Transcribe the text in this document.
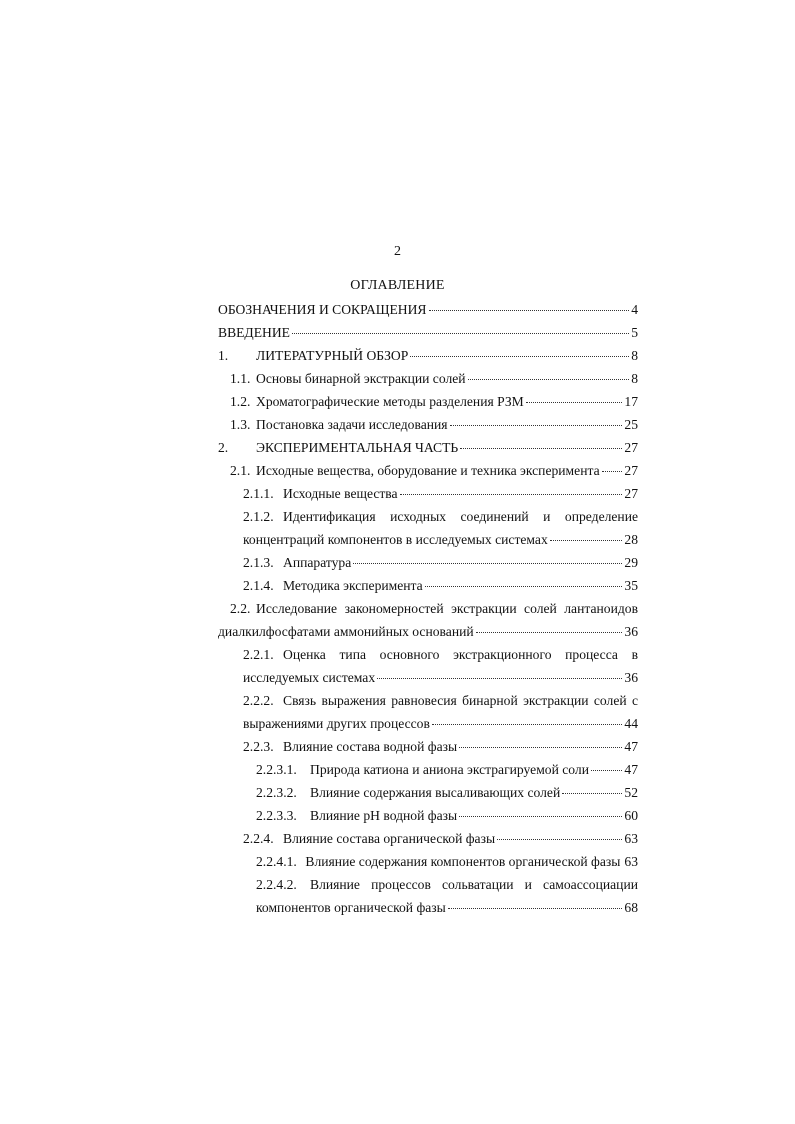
2
ОГЛАВЛЕНИЕ
ОБОЗНАЧЕНИЯ И СОКРАЩЕНИЯ	4
ВВЕДЕНИЕ	5
1.	ЛИТЕРАТУРНЫЙ ОБЗОР	8
1.1. Основы бинарной экстракции солей	8
1.2. Хроматографические методы разделения РЗМ	17
1.3. Постановка задачи исследования	25
2.	ЭКСПЕРИМЕНТАЛЬНАЯ ЧАСТЬ	27
2.1. Исходные вещества, оборудование и техника эксперимента 27
2.1.1. Исходные вещества	27
2.1.2. Идентификация исходных соединений и определение
концентраций компонентов в исследуемых системах	28
2.1.3. Аппаратура	29
2.1.4. Методика эксперимента	35
2.2. Исследование закономерностей экстракции солей лантаноидов
диалкилфосфатами аммонийных оснований	36
2.2.1. Оценка типа основного экстракционного процесса в
исследуемых системах	36
2.2.2. Связь выражения равновесия бинарной экстракции солей с
выражениями других процессов	44
2.2.3. Влияние состава водной фазы	47
2.2.3.1. Природа катиона и аниона экстрагируемой соли	47
2.2.3.2. Влияние содержания высаливающих солей	52
2.2.3.3. Влияние pH водной фазы	60
2.2.4. Влияние состава органической фазы	63
2.2.4.1. Влияние содержания компонентов органической фазы 63
2.2.4.2. Влияние процессов сольватации и самоассоциации
компонентов органической фазы	68
